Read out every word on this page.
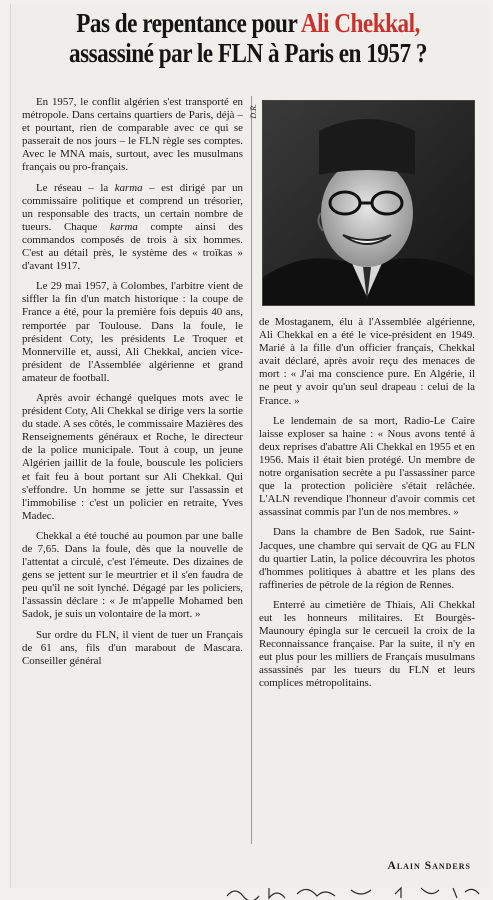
Pas de repentance pour Ali Chekkal,
assassiné par le FLN à Paris en 1957 ?

En 1957, le conflit algérien s'est transporté en métropole. Dans certains quartiers de Paris, déjà – et pourtant, rien de comparable avec ce qui se passerait de nos jours – le FLN règle ses comptes. Avec le MNA mais, surtout, avec les musulmans français ou pro-français.

Le réseau – la karma – est dirigé par un commissaire politique et comprend un trésorier, un responsable des tracts, un certain nombre de tueurs. Chaque karma compte ainsi des commandos composés de trois à six hommes. C'est au détail près, le système des « troïkas » d'avant 1917.

Le 29 mai 1957, à Colombes, l'arbitre vient de siffler la fin d'un match historique : la coupe de France a été, pour la première fois depuis 40 ans, remportée par Toulouse. Dans la foule, le président Coty, les présidents Le Troquer et Monnerville et, aussi, Ali Chekkal, ancien vice-président de l'Assemblée algérienne et grand amateur de football.

Après avoir échangé quelques mots avec le président Coty, Ali Chekkal se dirige vers la sortie du stade. A ses côtés, le commissaire Mazières des Renseignements généraux et Roche, le directeur de la police municipale. Tout à coup, un jeune Algérien jaillit de la foule, bouscule les policiers et fait feu à bout portant sur Ali Chekkal. Qui s'effondre. Un homme se jette sur l'assassin et l'immobilise : c'est un policier en retraite, Yves Madec.

Chekkal a été touché au poumon par une balle de 7,65. Dans la foule, dès que la nouvelle de l'attentat a circulé, c'est l'émeute. Des dizaines de gens se jettent sur le meurtrier et il s'en faudra de peu qu'il ne soit lynché. Dégagé par les policiers, l'assassin déclare : « Je m'appelle Mohamed ben Sadok, je suis un volontaire de la mort. »

Sur ordre du FLN, il vient de tuer un Français de 61 ans, fils d'un marabout de Mascara. Conseiller général

D.R.

de Mostaganem, élu à l'Assemblée algérienne, Ali Chekkal en a été le vice-président en 1949. Marié à la fille d'un officier français, Chekkal avait déclaré, après avoir reçu des menaces de mort : « J'ai ma conscience pure. En Algérie, il ne peut y avoir qu'un seul drapeau : celui de la France. »

Le lendemain de sa mort, Radio-Le Caire laisse exploser sa haine : « Nous avons tenté à deux reprises d'abattre Ali Chekkal en 1955 et en 1956. Mais il était bien protégé. Un membre de notre organisation secrète a pu l'assassiner parce que la protection policière s'était relâchée. L'ALN revendique l'honneur d'avoir commis cet assassinat commis par l'un de nos membres. »

Dans la chambre de Ben Sadok, rue Saint-Jacques, une chambre qui servait de QG au FLN du quartier Latin, la police découvrira les photos d'hommes politiques à abattre et les plans des raffineries de pétrole de la région de Rennes.

Enterré au cimetière de Thiais, Ali Chekkal eut les honneurs militaires. Et Bourgès-Maunoury épingla sur le cercueil la croix de la Reconnaissance française. Par la suite, il n'y en eut plus pour les milliers de Français musulmans assassinés par les tueurs du FLN et leurs complices métropolitains.

Alain Sanders
